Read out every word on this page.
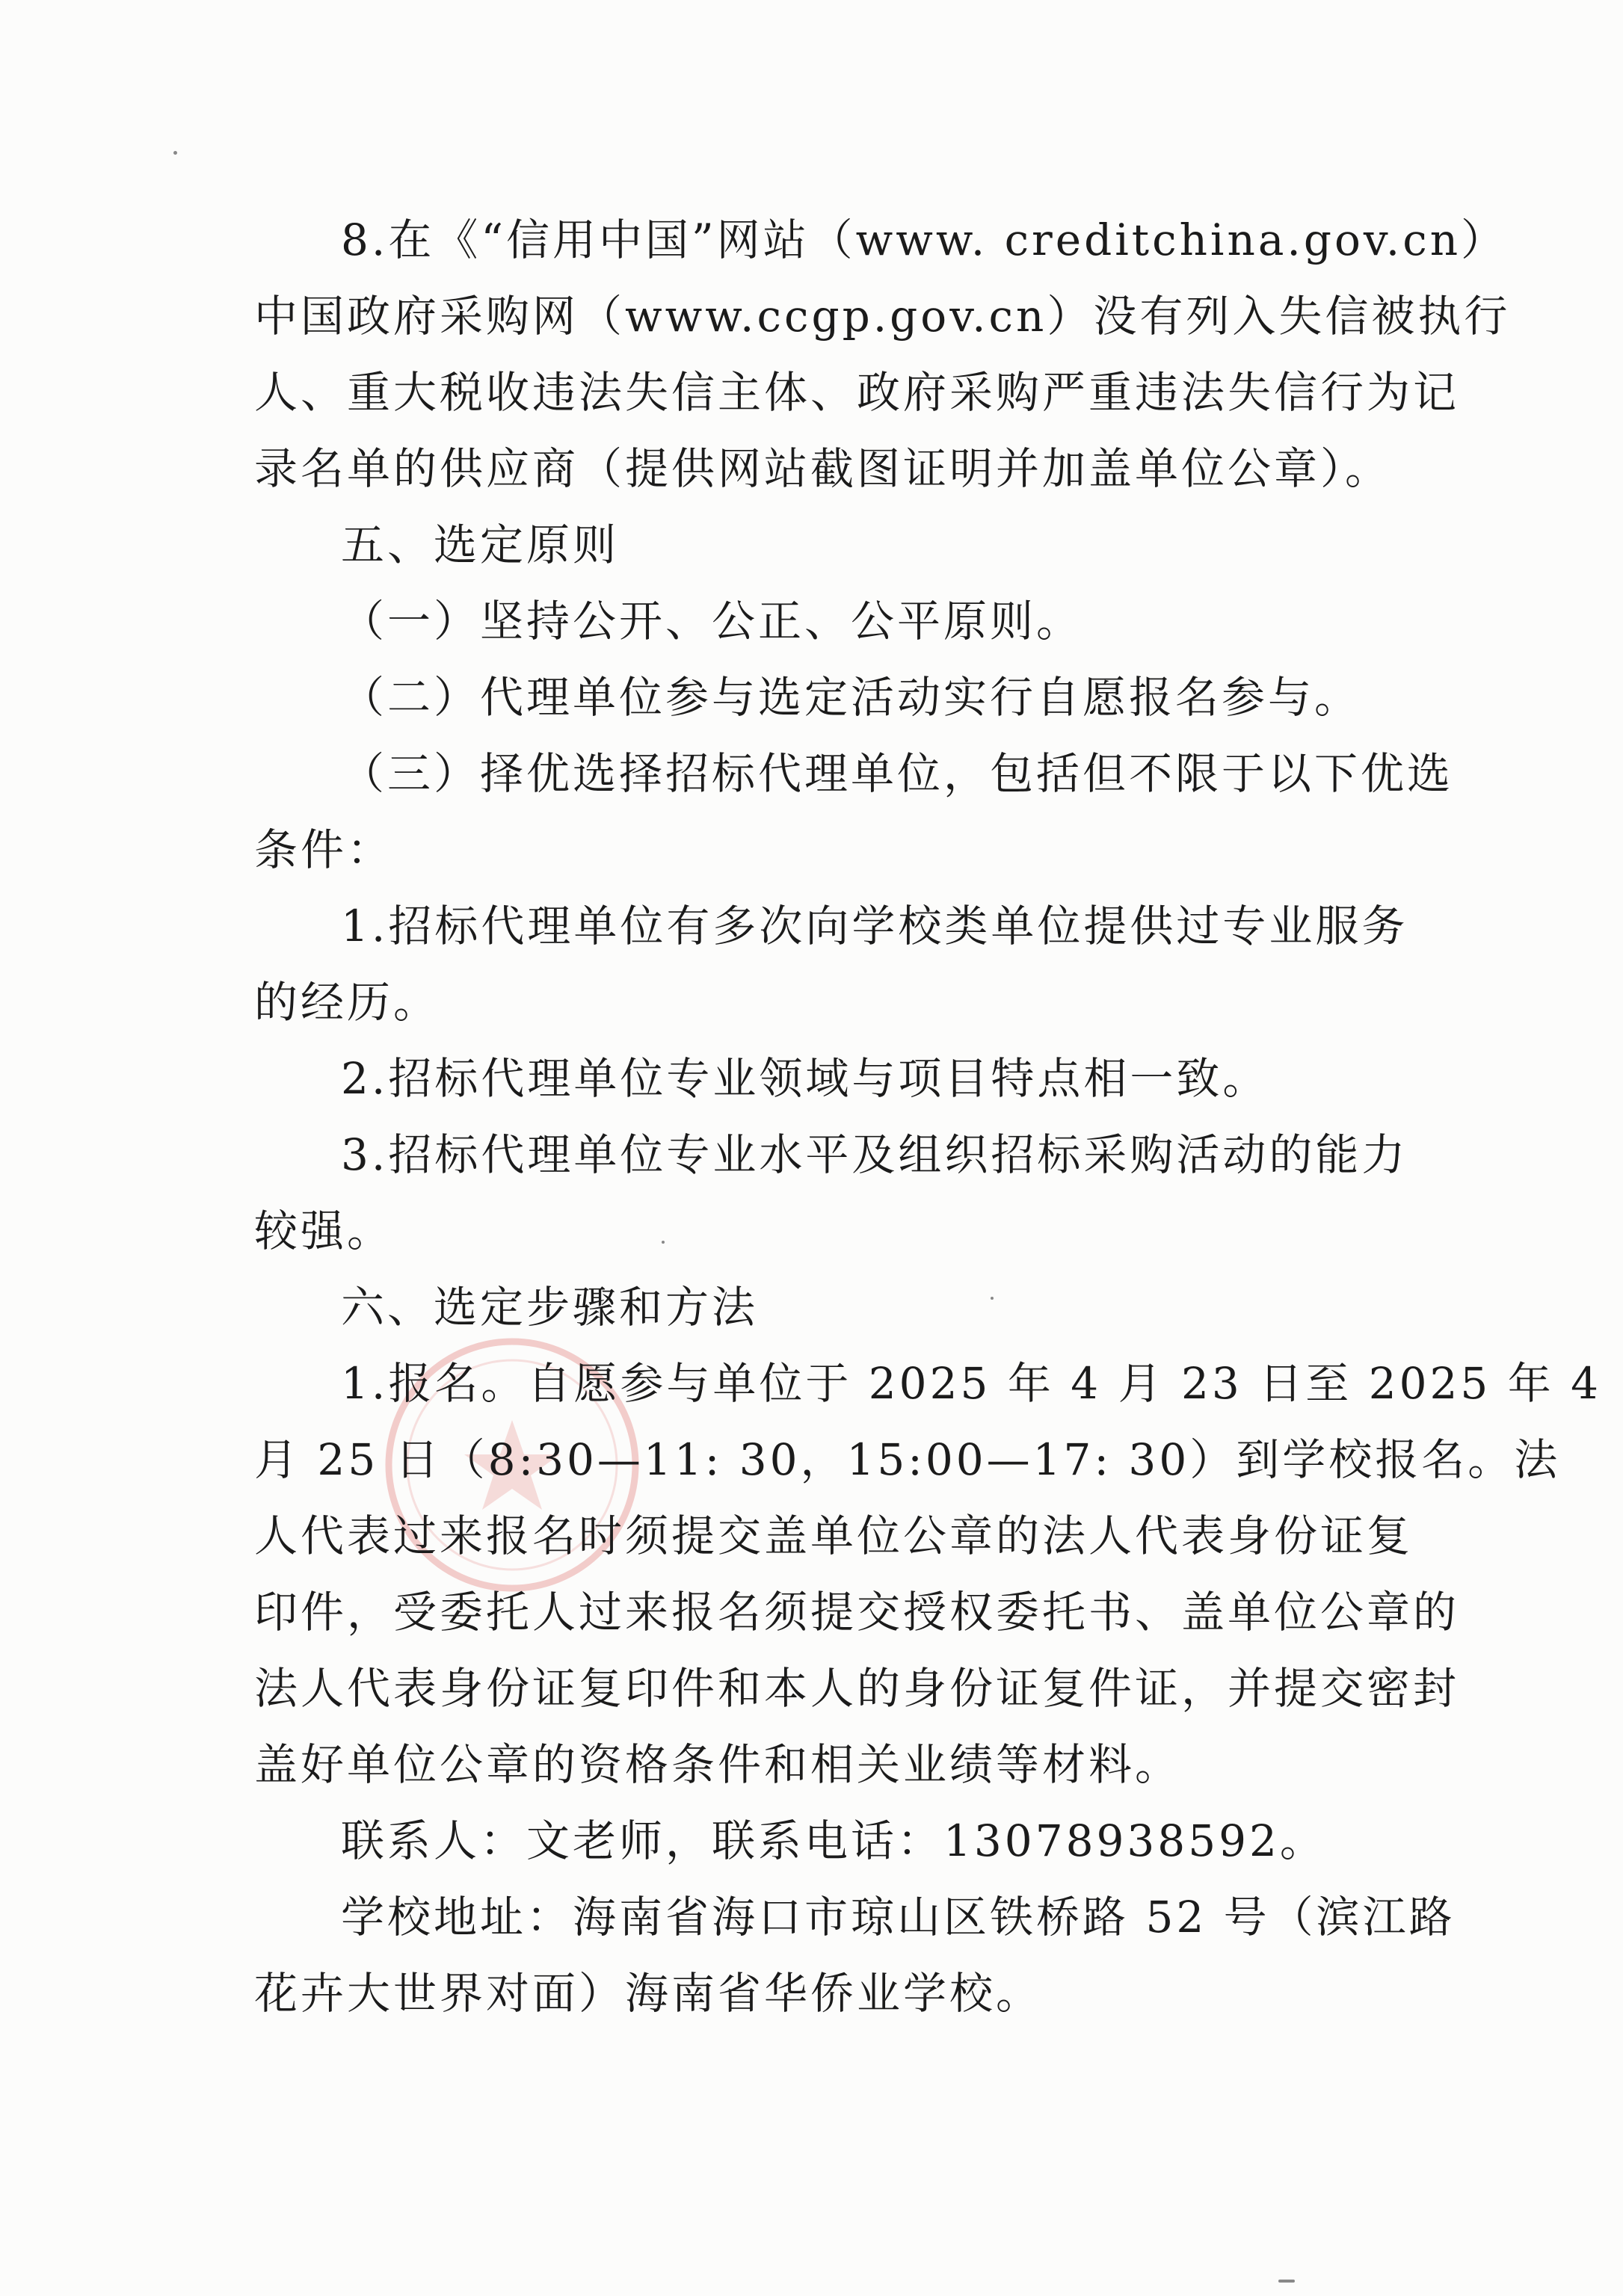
8.在《“信用中国”网站（www. creditchina.gov.cn）
中国政府采购网（www.ccgp.gov.cn）没有列入失信被执行
人、重大税收违法失信主体、政府采购严重违法失信行为记
录名单的供应商（提供网站截图证明并加盖单位公章）。
五、选定原则
（一）坚持公开、公正、公平原则。
（二）代理单位参与选定活动实行自愿报名参与。
（三）择优选择招标代理单位，包括但不限于以下优选
条件：
1.招标代理单位有多次向学校类单位提供过专业服务
的经历。
2.招标代理单位专业领域与项目特点相一致。
3.招标代理单位专业水平及组织招标采购活动的能力
较强。
六、选定步骤和方法
1.报名。自愿参与单位于 2025 年 4 月 23 日至 2025 年 4
月 25 日（8:30—11: 30，15:00—17: 30）到学校报名。法
人代表过来报名时须提交盖单位公章的法人代表身份证复
印件，受委托人过来报名须提交授权委托书、盖单位公章的
法人代表身份证复印件和本人的身份证复件证，并提交密封
盖好单位公章的资格条件和相关业绩等材料。
联系人：文老师，联系电话：13078938592。
学校地址：海南省海口市琼山区铁桥路 52 号（滨江路
花卉大世界对面）海南省华侨业学校。
